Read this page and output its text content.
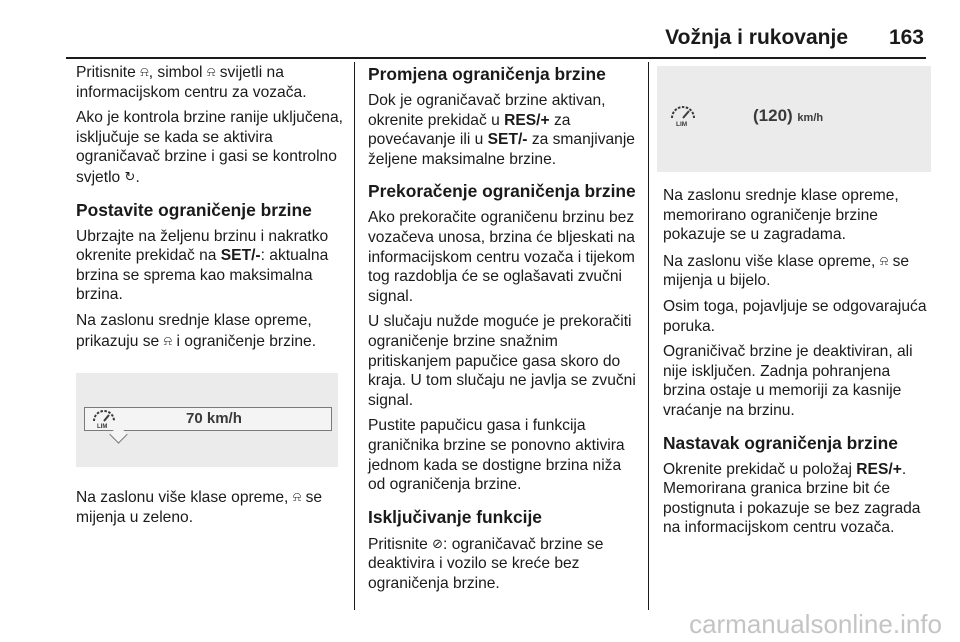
Vožnja i rukovanje 163

Pritisnite ⍾, simbol ⍾ svijetli na informacijskom centru za vozača.

Ako je kontrola brzine ranije uključena, isključuje se kada se aktivira ograničavač brzine i gasi se kontrolno svjetlo ↻.

Postavite ograničenje brzine

Ubrzajte na željenu brzinu i nakratko okrenite prekidač na SET/-: aktualna brzina se sprema kao maksimalna brzina.

Na zaslonu srednje klase opreme, prikazuju se ⍾ i ograničenje brzine.

LIM	70 km/h

Na zaslonu više klase opreme, ⍾ se mijenja u zeleno.

Promjena ograničenja brzine

Dok je ograničavač brzine aktivan, okrenite prekidač u RES/+ za povećavanje ili u SET/- za smanjivanje željene maksimalne brzine.

Prekoračenje ograničenja brzine

Ako prekoračite ograničenu brzinu bez vozačeva unosa, brzina će bljeskati na informacijskom centru vozača i tijekom tog razdoblja će se oglašavati zvučni signal.

U slučaju nužde moguće je prekoračiti ograničenje brzine snažnim pritiskanjem papučice gasa skoro do kraja. U tom slučaju ne javlja se zvučni signal.

Pustite papučicu gasa i funkcija graničnika brzine se ponovno aktivira jednom kada se dostigne brzina niža od ograničenja brzine.

Isključivanje funkcije

Pritisnite ⊘: ograničavač brzine se deaktivira i vozilo se kreće bez ograničenja brzine.

LIM	(120) km/h

Na zaslonu srednje klase opreme, memorirano ograničenje brzine pokazuje se u zagradama.

Na zaslonu više klase opreme, ⍾ se mijenja u bijelo.

Osim toga, pojavljuje se odgovarajuća poruka.

Ograničivač brzine je deaktiviran, ali nije isključen. Zadnja pohranjena brzina ostaje u memoriji za kasnije vraćanje na brzinu.

Nastavak ograničenja brzine

Okrenite prekidač u položaj RES/+. Memorirana granica brzine bit će postignuta i pokazuje se bez zagrada na informacijskom centru vozača.

carmanualsonline.info
